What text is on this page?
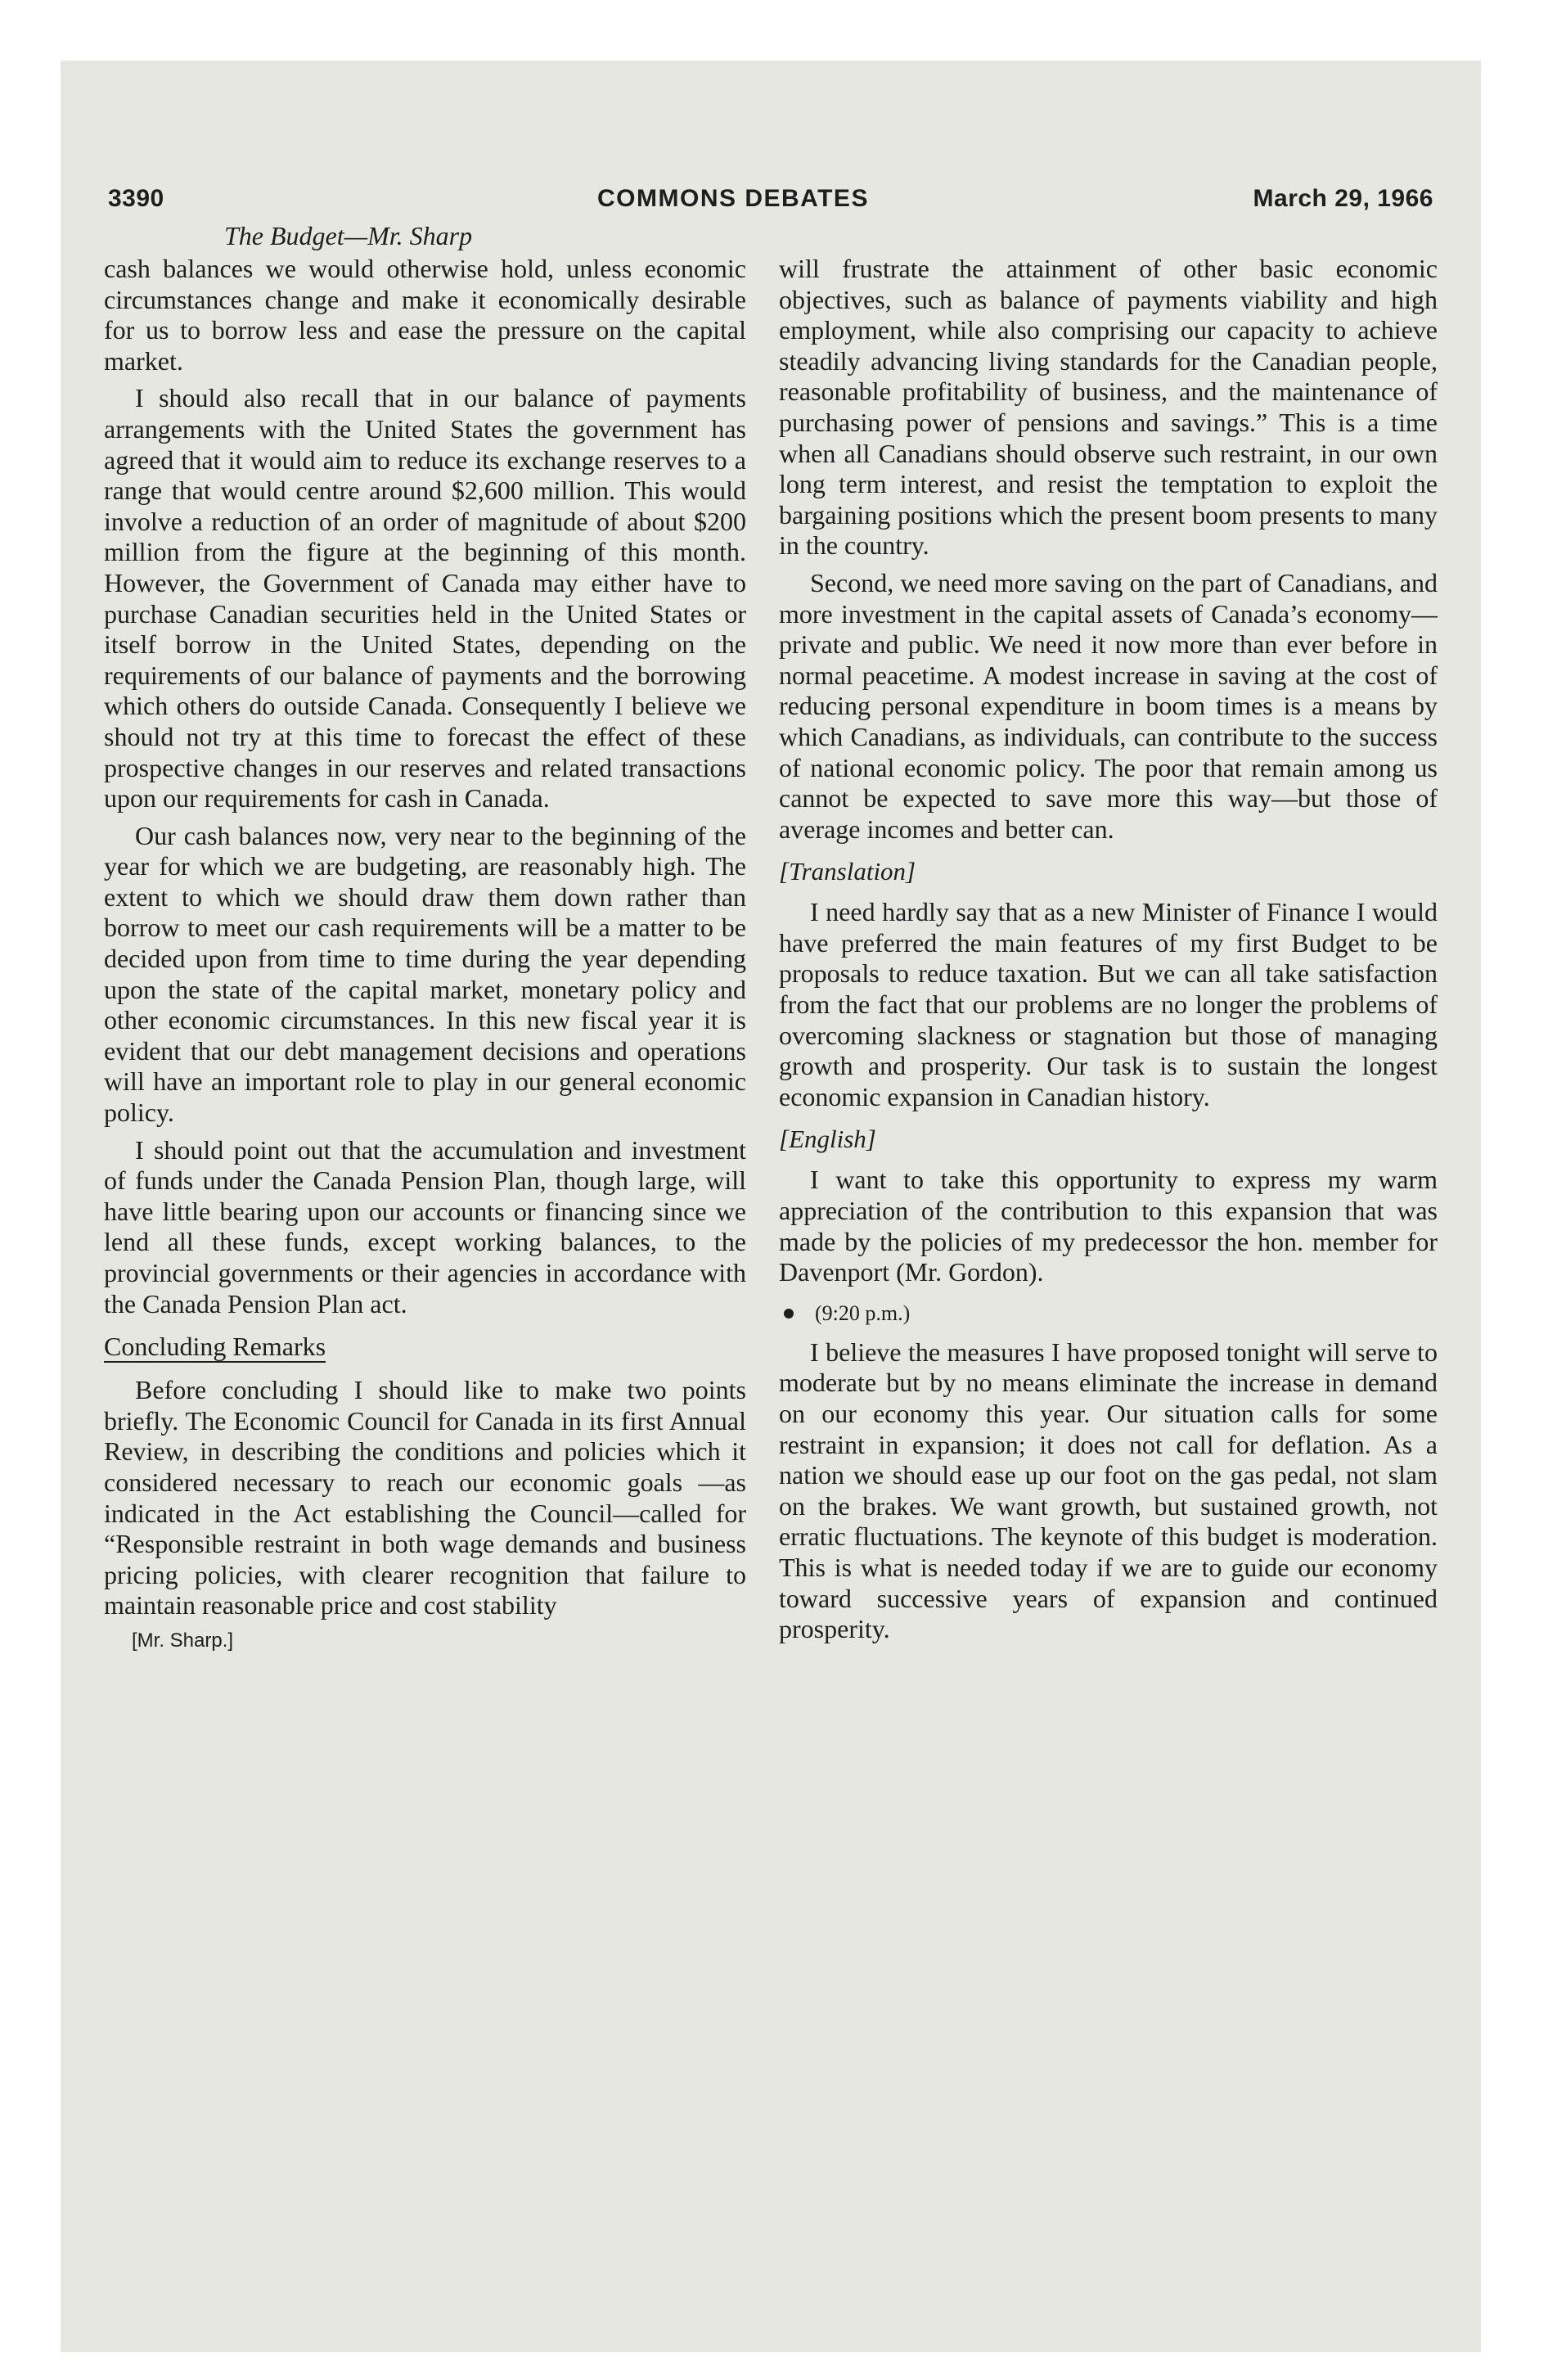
3390	COMMONS DEBATES	March 29, 1966
The Budget—Mr. Sharp

cash balances we would otherwise hold, unless economic circumstances change and make it economically desirable for us to borrow less and ease the pressure on the capital market.

I should also recall that in our balance of payments arrangements with the United States the government has agreed that it would aim to reduce its exchange reserves to a range that would centre around $2,600 million. This would involve a reduction of an order of magnitude of about $200 million from the figure at the beginning of this month. However, the Government of Canada may either have to purchase Canadian securities held in the United States or itself borrow in the United States, depending on the requirements of our balance of payments and the borrowing which others do outside Canada. Consequently I believe we should not try at this time to forecast the effect of these prospective changes in our reserves and related transactions upon our requirements for cash in Canada.

Our cash balances now, very near to the beginning of the year for which we are budgeting, are reasonably high. The extent to which we should draw them down rather than borrow to meet our cash requirements will be a matter to be decided upon from time to time during the year depending upon the state of the capital market, monetary policy and other economic circumstances. In this new fiscal year it is evident that our debt management decisions and operations will have an important role to play in our general economic policy.

I should point out that the accumulation and investment of funds under the Canada Pension Plan, though large, will have little bearing upon our accounts or financing since we lend all these funds, except working balances, to the provincial governments or their agencies in accordance with the Canada Pension Plan act.

Concluding Remarks

Before concluding I should like to make two points briefly. The Economic Council for Canada in its first Annual Review, in describing the conditions and policies which it considered necessary to reach our economic goals —as indicated in the Act establishing the Council—called for “Responsible restraint in both wage demands and business pricing policies, with clearer recognition that failure to maintain reasonable price and cost stability

[Mr. Sharp.]

will frustrate the attainment of other basic economic objectives, such as balance of payments viability and high employment, while also comprising our capacity to achieve steadily advancing living standards for the Canadian people, reasonable profitability of business, and the maintenance of purchasing power of pensions and savings.” This is a time when all Canadians should observe such restraint, in our own long term interest, and resist the temptation to exploit the bargaining positions which the present boom presents to many in the country.

Second, we need more saving on the part of Canadians, and more investment in the capital assets of Canada’s economy—private and public. We need it now more than ever before in normal peacetime. A modest increase in saving at the cost of reducing personal expenditure in boom times is a means by which Canadians, as individuals, can contribute to the success of national economic policy. The poor that remain among us cannot be expected to save more this way—but those of average incomes and better can.

[Translation]

I need hardly say that as a new Minister of Finance I would have preferred the main features of my first Budget to be proposals to reduce taxation. But we can all take satisfaction from the fact that our problems are no longer the problems of overcoming slackness or stagnation but those of managing growth and prosperity. Our task is to sustain the longest economic expansion in Canadian history.

[English]

I want to take this opportunity to express my warm appreciation of the contribution to this expansion that was made by the policies of my predecessor the hon. member for Davenport (Mr. Gordon).

(9:20 p.m.)

I believe the measures I have proposed tonight will serve to moderate but by no means eliminate the increase in demand on our economy this year. Our situation calls for some restraint in expansion; it does not call for deflation. As a nation we should ease up our foot on the gas pedal, not slam on the brakes. We want growth, but sustained growth, not erratic fluctuations. The keynote of this budget is moderation. This is what is needed today if we are to guide our economy toward successive years of expansion and continued prosperity.
